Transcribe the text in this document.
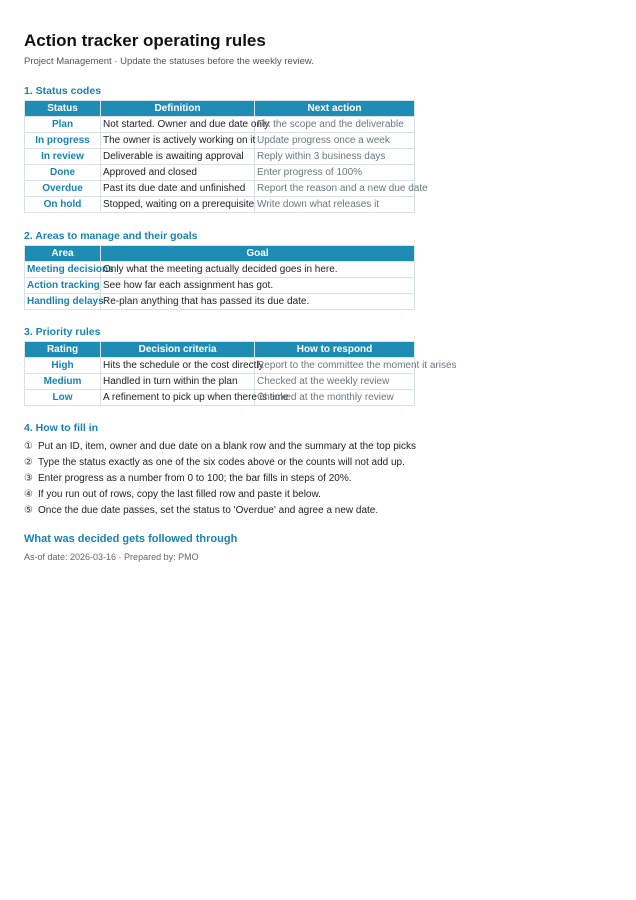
Action tracker operating rules
Project Management · Update the statuses before the weekly review.
1. Status codes
Status	Definition	Next action
Plan	Not started. Owner and due date only	Fix the scope and the deliverable
In progress	The owner is actively working on it	Update progress once a week
In review	Deliverable is awaiting approval	Reply within 3 business days
Done	Approved and closed	Enter progress of 100%
Overdue	Past its due date and unfinished	Report the reason and a new due date
On hold	Stopped, waiting on a prerequisite	Write down what releases it
2. Areas to manage and their goals
Area	Goal
Meeting decisions	Only what the meeting actually decided goes in here.
Action tracking	See how far each assignment has got.
Handling delays	Re-plan anything that has passed its due date.
3. Priority rules
Rating	Decision criteria	How to respond
High	Hits the schedule or the cost directly	Report to the committee the moment it arises
Medium	Handled in turn within the plan	Checked at the weekly review
Low	A refinement to pick up when there is time	Checked at the monthly review
4. How to fill in
① Put an ID, item, owner and due date on a blank row and the summary at the top picks
② Type the status exactly as one of the six codes above or the counts will not add up.
③ Enter progress as a number from 0 to 100; the bar fills in steps of 20%.
④ If you run out of rows, copy the last filled row and paste it below.
⑤ Once the due date passes, set the status to 'Overdue' and agree a new date.
What was decided gets followed through
As-of date: 2026-03-16 · Prepared by: PMO
